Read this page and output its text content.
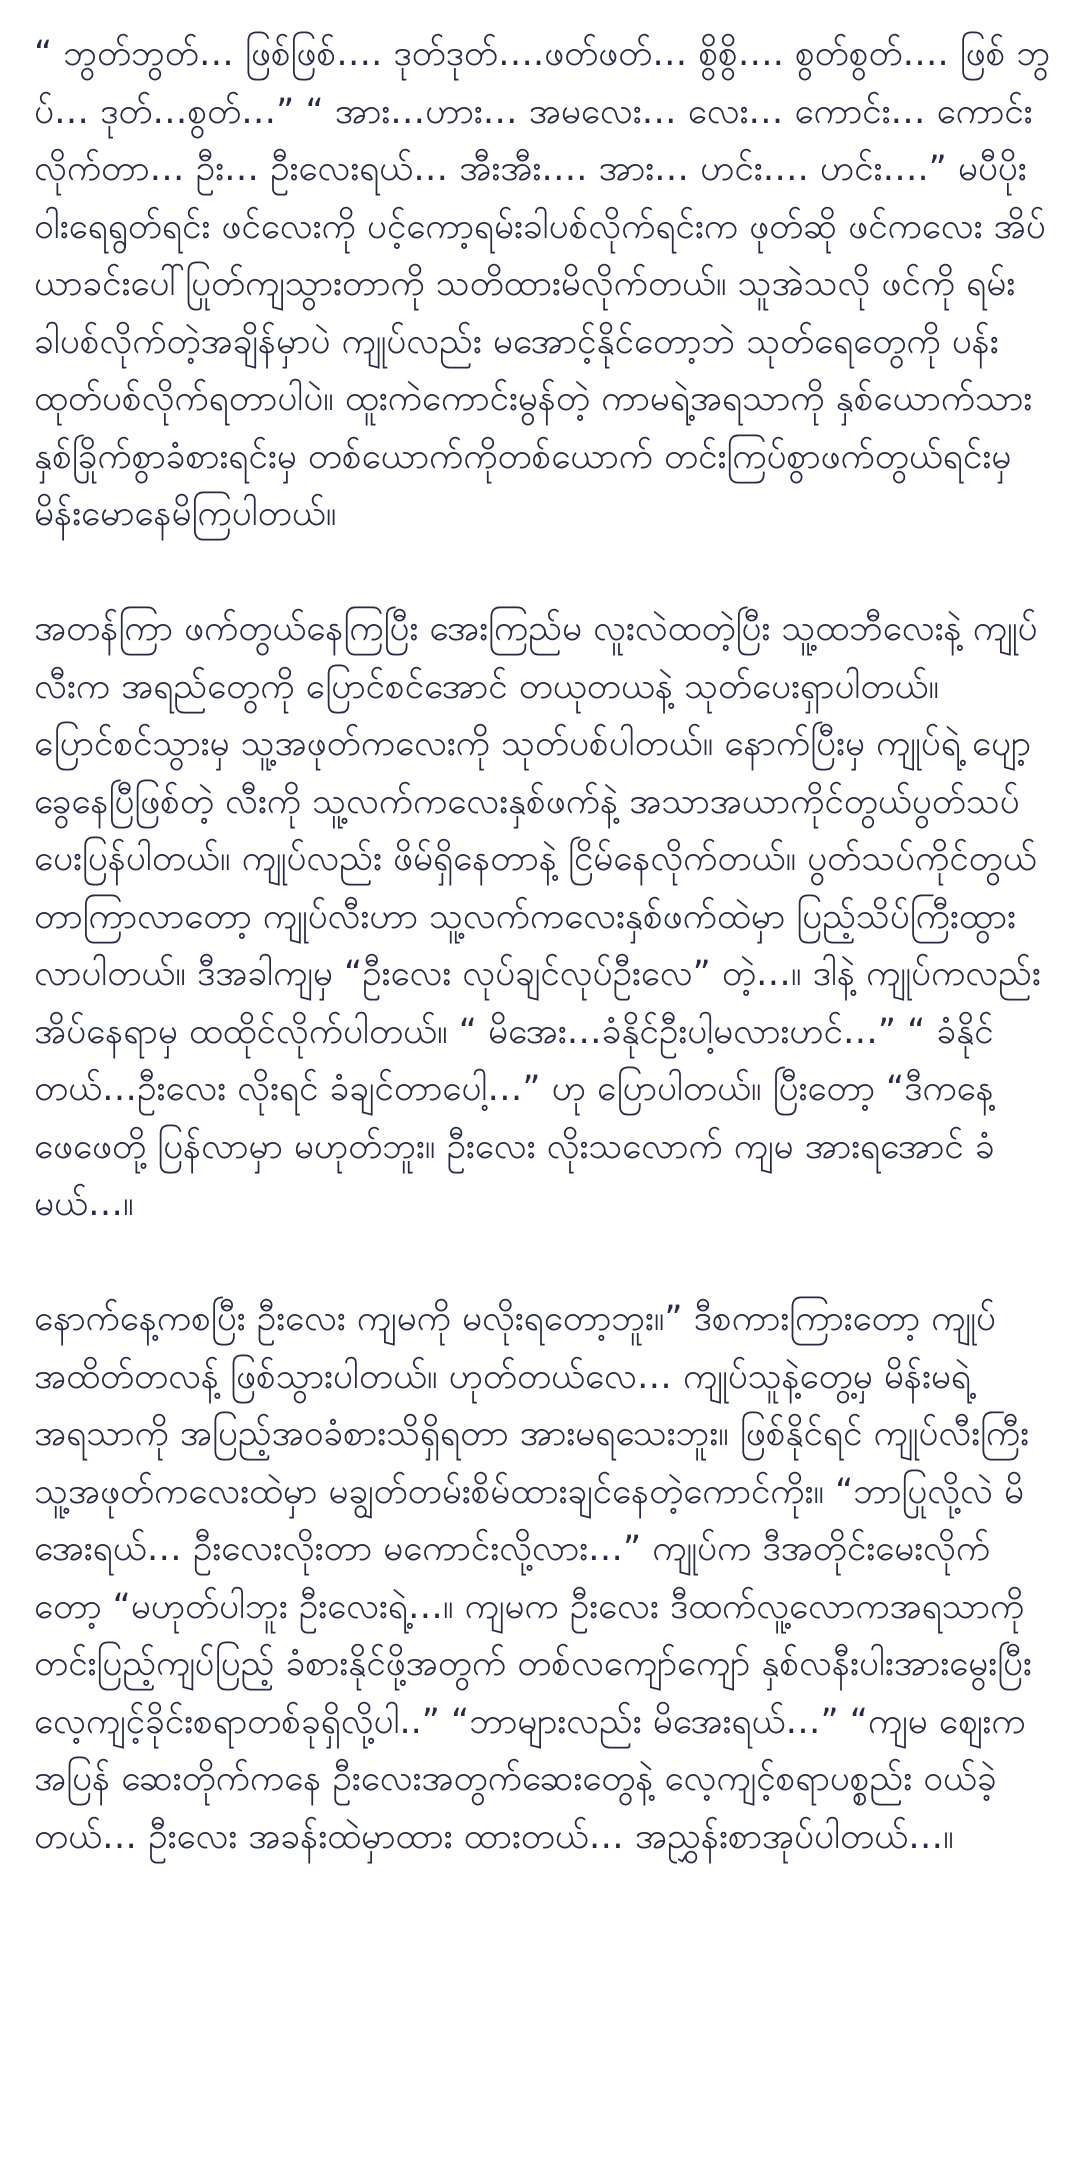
“ ဘွတ်ဘွတ်… ဖြစ်ဖြစ်…. ဒုတ်ဒုတ်….ဖတ်ဖတ်… စွိစွိ…. စွတ်စွတ်…. ဖြစ် ဘွပ်… ဒုတ်…စွတ်…” “ အား…ဟား… အမလေး… လေး… ကောင်း… ကောင်းလိုက်တာ… ဦး… ဦးလေးရယ်… အီးအီး…. အား… ဟင်း…. ဟင်း….” မပီပိုးဝါးရေရွတ်ရင်း ဖင်လေးကို ပင့်ကော့ရမ်းခါပစ်လိုက်ရင်းက ဖုတ်ဆို ဖင်ကလေး အိပ်ယာခင်းပေါ်ပြုတ်ကျသွားတာကို သတိထားမိလိုက်တယ်။ သူအဲသလို ဖင်ကို ရမ်းခါပစ်လိုက်တဲ့အချိန်မှာပဲ ကျုပ်လည်း မအောင့်နိုင်တော့ဘဲ သုတ်ရေတွေကို ပန်းထုတ်ပစ်လိုက်ရတာပါပဲ။ ထူးကဲကောင်းမွန်တဲ့ ကာမရဲ့အရသာကို နှစ်ယောက်သား နှစ်ခြိုက်စွာခံစားရင်းမှ တစ်ယောက်ကိုတစ်ယောက် တင်းကြပ်စွာဖက်တွယ်ရင်းမှ မိန်းမောနေမိကြပါတယ်။

အတန်ကြာ ဖက်တွယ်နေကြပြီး အေးကြည်မ လူးလဲထတဲ့ပြီး သူ့ထဘီလေးနဲ့ ကျုပ်လီးက အရည်တွေကို ပြောင်စင်အောင် တယုတယနဲ့ သုတ်ပေးရှာပါတယ်။ ပြောင်စင်သွားမှ သူ့အဖုတ်ကလေးကို သုတ်ပစ်ပါတယ်။ နောက်ပြီးမှ ကျုပ်ရဲ့ ပျော့ခွေနေပြီဖြစ်တဲ့ လီးကို သူ့လက်ကလေးနှစ်ဖက်နဲ့ အသာအယာကိုင်တွယ်ပွတ်သပ်ပေးပြန်ပါတယ်။ ကျုပ်လည်း ဖိမ်ရှိနေတာနဲ့ ငြိမ်နေလိုက်တယ်။ ပွတ်သပ်ကိုင်တွယ်တာကြာလာတော့ ကျုပ်လီးဟာ သူ့လက်ကလေးနှစ်ဖက်ထဲမှာ ပြည့်သိပ်ကြီးထွားလာပါတယ်။ ဒီအခါကျမှ “ဦးလေး လုပ်ချင်လုပ်ဦးလေ” တဲ့…။ ဒါနဲ့ ကျုပ်ကလည်း အိပ်နေရာမှ ထထိုင်လိုက်ပါတယ်။ “ မိအေး…ခံနိုင်ဦးပါ့မလားဟင်…” “ ခံနိုင်တယ်…ဦးလေး လိုးရင် ခံချင်တာပေါ့…” ဟု ပြောပါတယ်။ ပြီးတော့ “ဒီကနေ့ ဖေဖေတို့ ပြန်လာမှာ မဟုတ်ဘူး။ ဦးလေး လိုးသလောက် ကျမ အားရအောင် ခံမယ်…။

နောက်နေ့ကစပြီး ဦးလေး ကျမကို မလိုးရတော့ဘူး။” ဒီစကားကြားတော့ ကျုပ်အထိတ်တလန့် ဖြစ်သွားပါတယ်။ ဟုတ်တယ်လေ… ကျုပ်သူနဲ့တွေ့မှ မိန်းမရဲ့ အရသာကို အပြည့်အဝခံစားသိရှိရတာ အားမရသေးဘူး။ ဖြစ်နိုင်ရင် ကျုပ်လီးကြီး သူ့အဖုတ်ကလေးထဲမှာ မချွတ်တမ်းစိမ်ထားချင်နေတဲ့ကောင်ကိုး။ “ဘာပြုလို့လဲ မိအေးရယ်… ဦးလေးလိုးတာ မကောင်းလို့လား…” ကျုပ်က ဒီအတိုင်းမေးလိုက်တော့ “မဟုတ်ပါဘူး ဦးလေးရဲ့…။ ကျမက ဦးလေး ဒီထက်လူ့လောကအရသာကို တင်းပြည့်ကျပ်ပြည့် ခံစားနိုင်ဖို့အတွက် တစ်လကျော်ကျော် နှစ်လနီးပါးအားမွေးပြီး လေ့ကျင့်ခိုင်းစရာတစ်ခုရှိလို့ပါ..” “ဘာများလည်း မိအေးရယ်…” “ကျမ ဈေးကအပြန် ဆေးတိုက်ကနေ ဦးလေးအတွက်ဆေးတွေနဲ့ လေ့ကျင့်စရာပစ္စည်း ဝယ်ခဲ့တယ်… ဦးလေး အခန်းထဲမှာထား ထားတယ်… အညွှန်းစာအုပ်ပါတယ်…။
